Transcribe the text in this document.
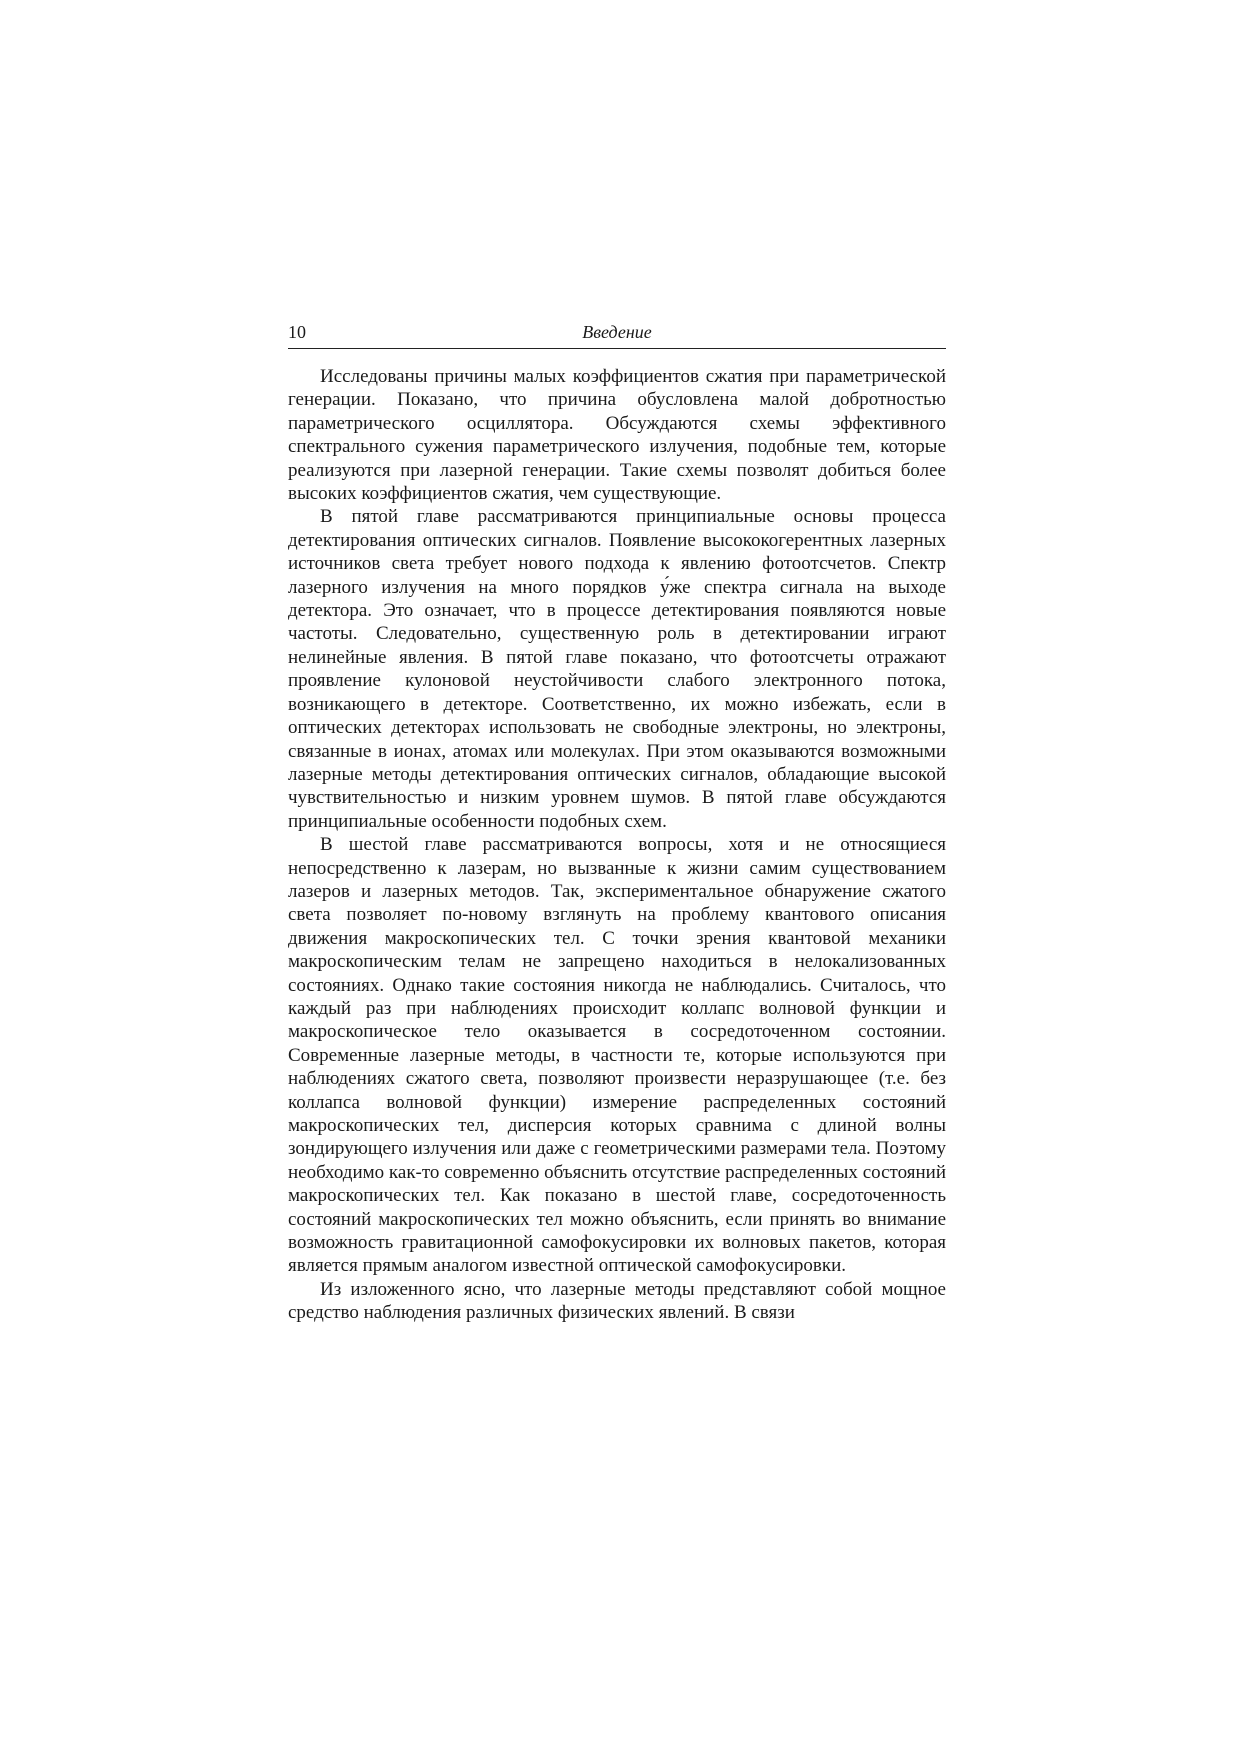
10	Введение

Исследованы причины малых коэффициентов сжатия при параметрической генерации. Показано, что причина обусловлена малой добротностью параметрического осциллятора. Обсуждаются схемы эффективного спектрального сужения параметрического излучения, подобные тем, которые реализуются при лазерной генерации. Такие схемы позволят добиться более высоких коэффициентов сжатия, чем существующие.

В пятой главе рассматриваются принципиальные основы процесса детектирования оптических сигналов. Появление высококогерентных лазерных источников света требует нового подхода к явлению фотоотсчетов. Спектр лазерного излучения на много порядков у́же спектра сигнала на выходе детектора. Это означает, что в процессе детектирования появляются новые частоты. Следовательно, существенную роль в детектировании играют нелинейные явления. В пятой главе показано, что фотоотсчеты отражают проявление кулоновой неустойчивости слабого электронного потока, возникающего в детекторе. Соответственно, их можно избежать, если в оптических детекторах использовать не свободные электроны, но электроны, связанные в ионах, атомах или молекулах. При этом оказываются возможными лазерные методы детектирования оптических сигналов, обладающие высокой чувствительностью и низким уровнем шумов. В пятой главе обсуждаются принципиальные особенности подобных схем.

В шестой главе рассматриваются вопросы, хотя и не относящиеся непосредственно к лазерам, но вызванные к жизни самим существованием лазеров и лазерных методов. Так, экспериментальное обнаружение сжатого света позволяет по-новому взглянуть на проблему квантового описания движения макроскопических тел. С точки зрения квантовой механики макроскопическим телам не запрещено находиться в нелокализованных состояниях. Однако такие состояния никогда не наблюдались. Считалось, что каждый раз при наблюдениях происходит коллапс волновой функции и макроскопическое тело оказывается в сосредоточенном состоянии. Современные лазерные методы, в частности те, которые используются при наблюдениях сжатого света, позволяют произвести неразрушающее (т.е. без коллапса волновой функции) измерение распределенных состояний макроскопических тел, дисперсия которых сравнима с длиной волны зондирующего излучения или даже с геометрическими размерами тела. Поэтому необходимо как-то современно объяснить отсутствие распределенных состояний макроскопических тел. Как показано в шестой главе, сосредоточенность состояний макроскопических тел можно объяснить, если принять во внимание возможность гравитационной самофокусировки их волновых пакетов, которая является прямым аналогом известной оптической самофокусировки.

Из изложенного ясно, что лазерные методы представляют собой мощное средство наблюдения различных физических явлений. В связи
